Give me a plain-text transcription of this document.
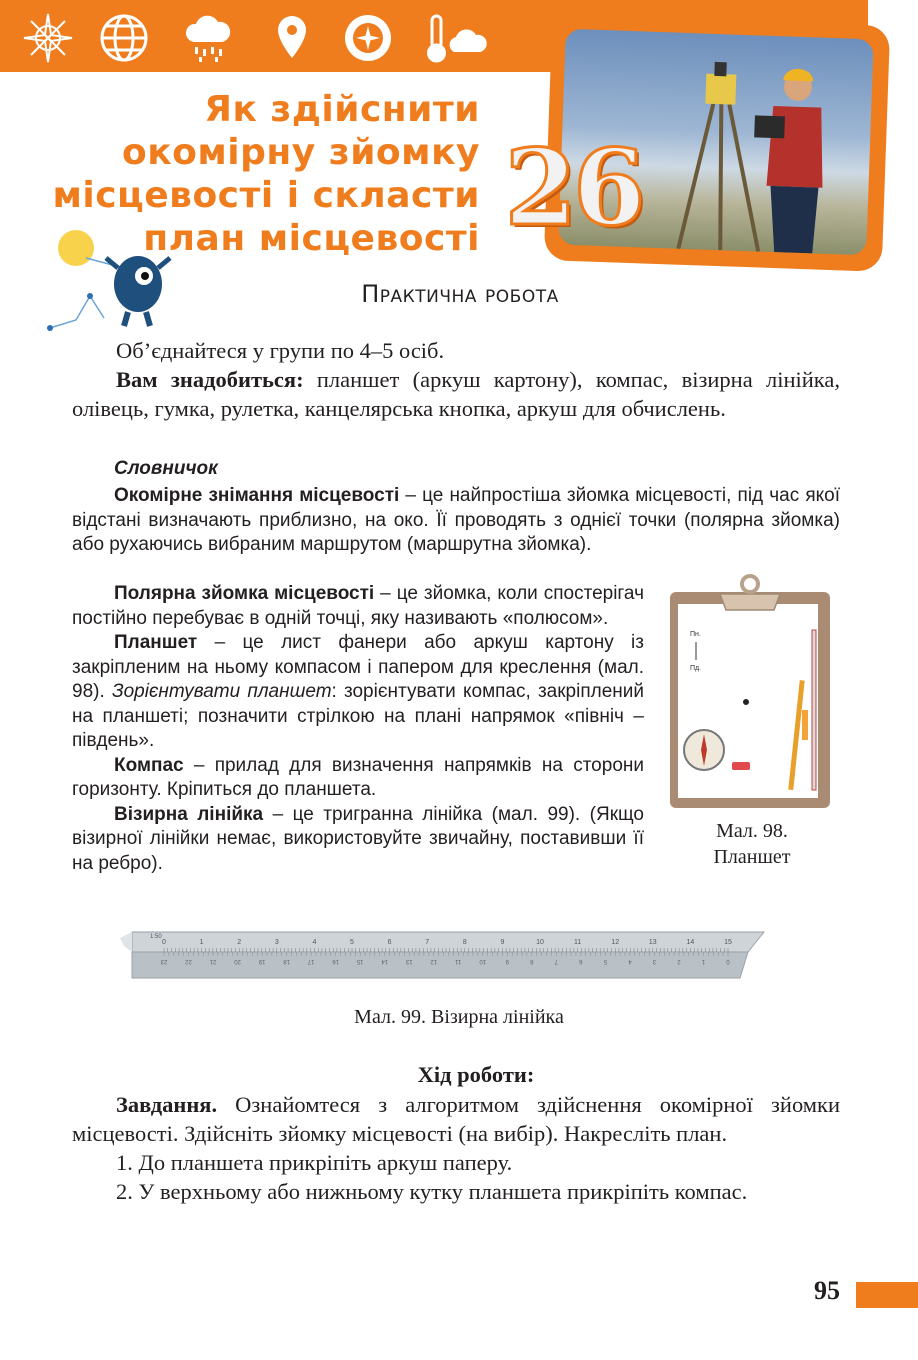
26
Як здійснити
окомірну зйомку
місцевості і скласти
план місцевості
Практична робота

Об’єднайтеся у групи по 4–5 осіб.

Вам знадобиться: планшет (аркуш картону), компас, візирна лінійка, олівець, гумка, рулетка, канцелярська кнопка, аркуш для обчислень.

Словничок

Окомірне знімання місцевості – це найпростіша зйомка місцевості, під час якої відстані визначають приблизно, на око. Її проводять з однієї точки (полярна зйомка) або рухаючись вибраним маршрутом (маршрутна зйомка).

Полярна зйомка місцевості – це зйомка, коли спостерігач постійно перебуває в одній точці, яку називають «полюсом».

Планшет – це лист фанери або аркуш картону із закріпленим на ньому компасом і папером для креслення (мал. 98). Зорієнтувати планшет: зорієнтувати компас, закріплений на планшеті; позначити стрілкою на плані напрямок «північ – південь».

Компас – прилад для визначення напрямків на сторони горизонту. Кріпиться до планшета.

Візирна лінійка – це тригранна лінійка (мал. 99). (Якщо візирної лінійки немає, використовуйте звичайну, поставивши її на ребро).

Пн.
Пд.
Мал. 98.
Планшет
1:50
0	1	2	3	4	5	6	7	8	9	10	11	12	13	14	15
23	22	21	20	19	18	17	16	15	14	13	12	11	10	9	8	7	6	5	4	3	2	1	0
Мал. 99. Візирна лінійка
Хід роботи:

Завдання. Ознайомтеся з алгоритмом здійснення окомірної зйомки місцевості. Здійсніть зйомку місцевості (на вибір). Накресліть план.

1. До планшета прикріпіть аркуш паперу.

2. У верхньому або нижньому кутку планшета прикріпіть компас.

95
